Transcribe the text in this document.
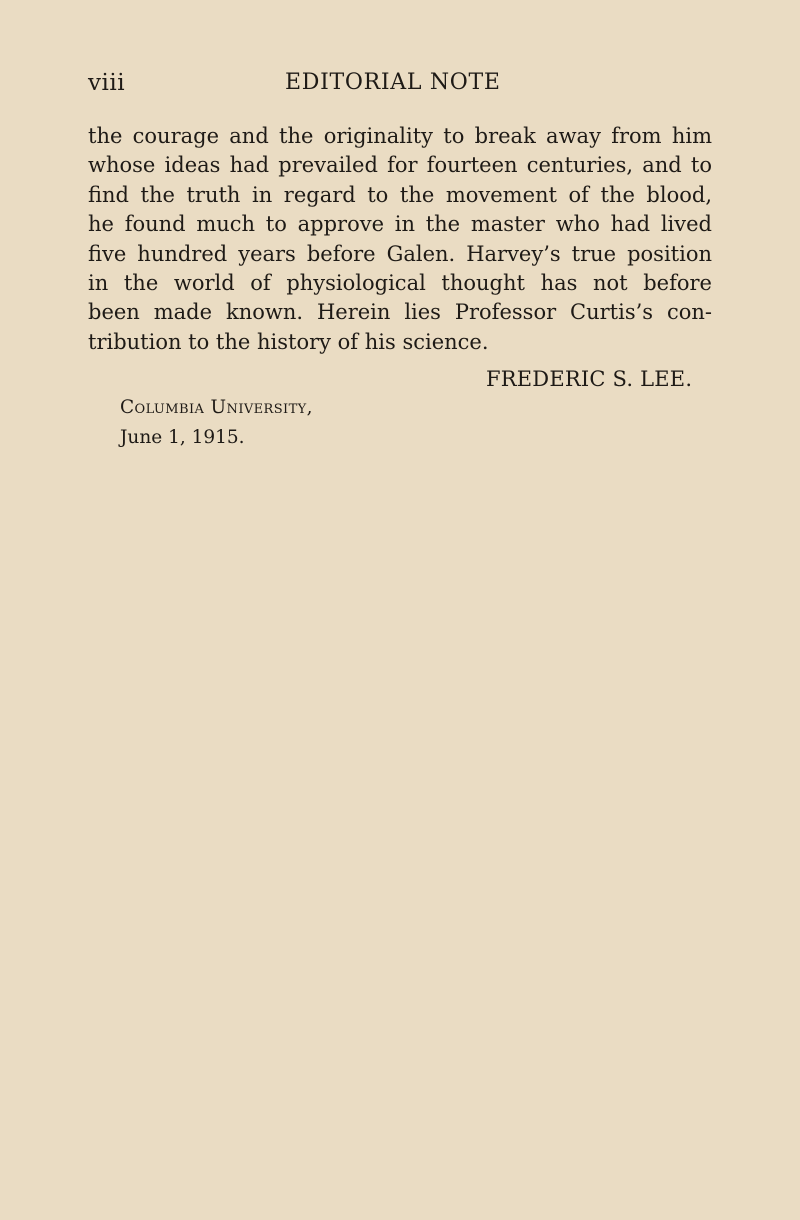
viii	EDITORIAL NOTE
the courage and the originality to break away from him
whose ideas had prevailed for fourteen centuries, and to
find the truth in regard to the movement of the blood,
he found much to approve in the master who had lived
five hundred years before Galen. Harvey’s true position
in the world of physiological thought has not before
been made known. Herein lies Professor Curtis’s con-
tribution to the history of his science.
FREDERIC S. LEE.
Columbia University,
June 1, 1915.
